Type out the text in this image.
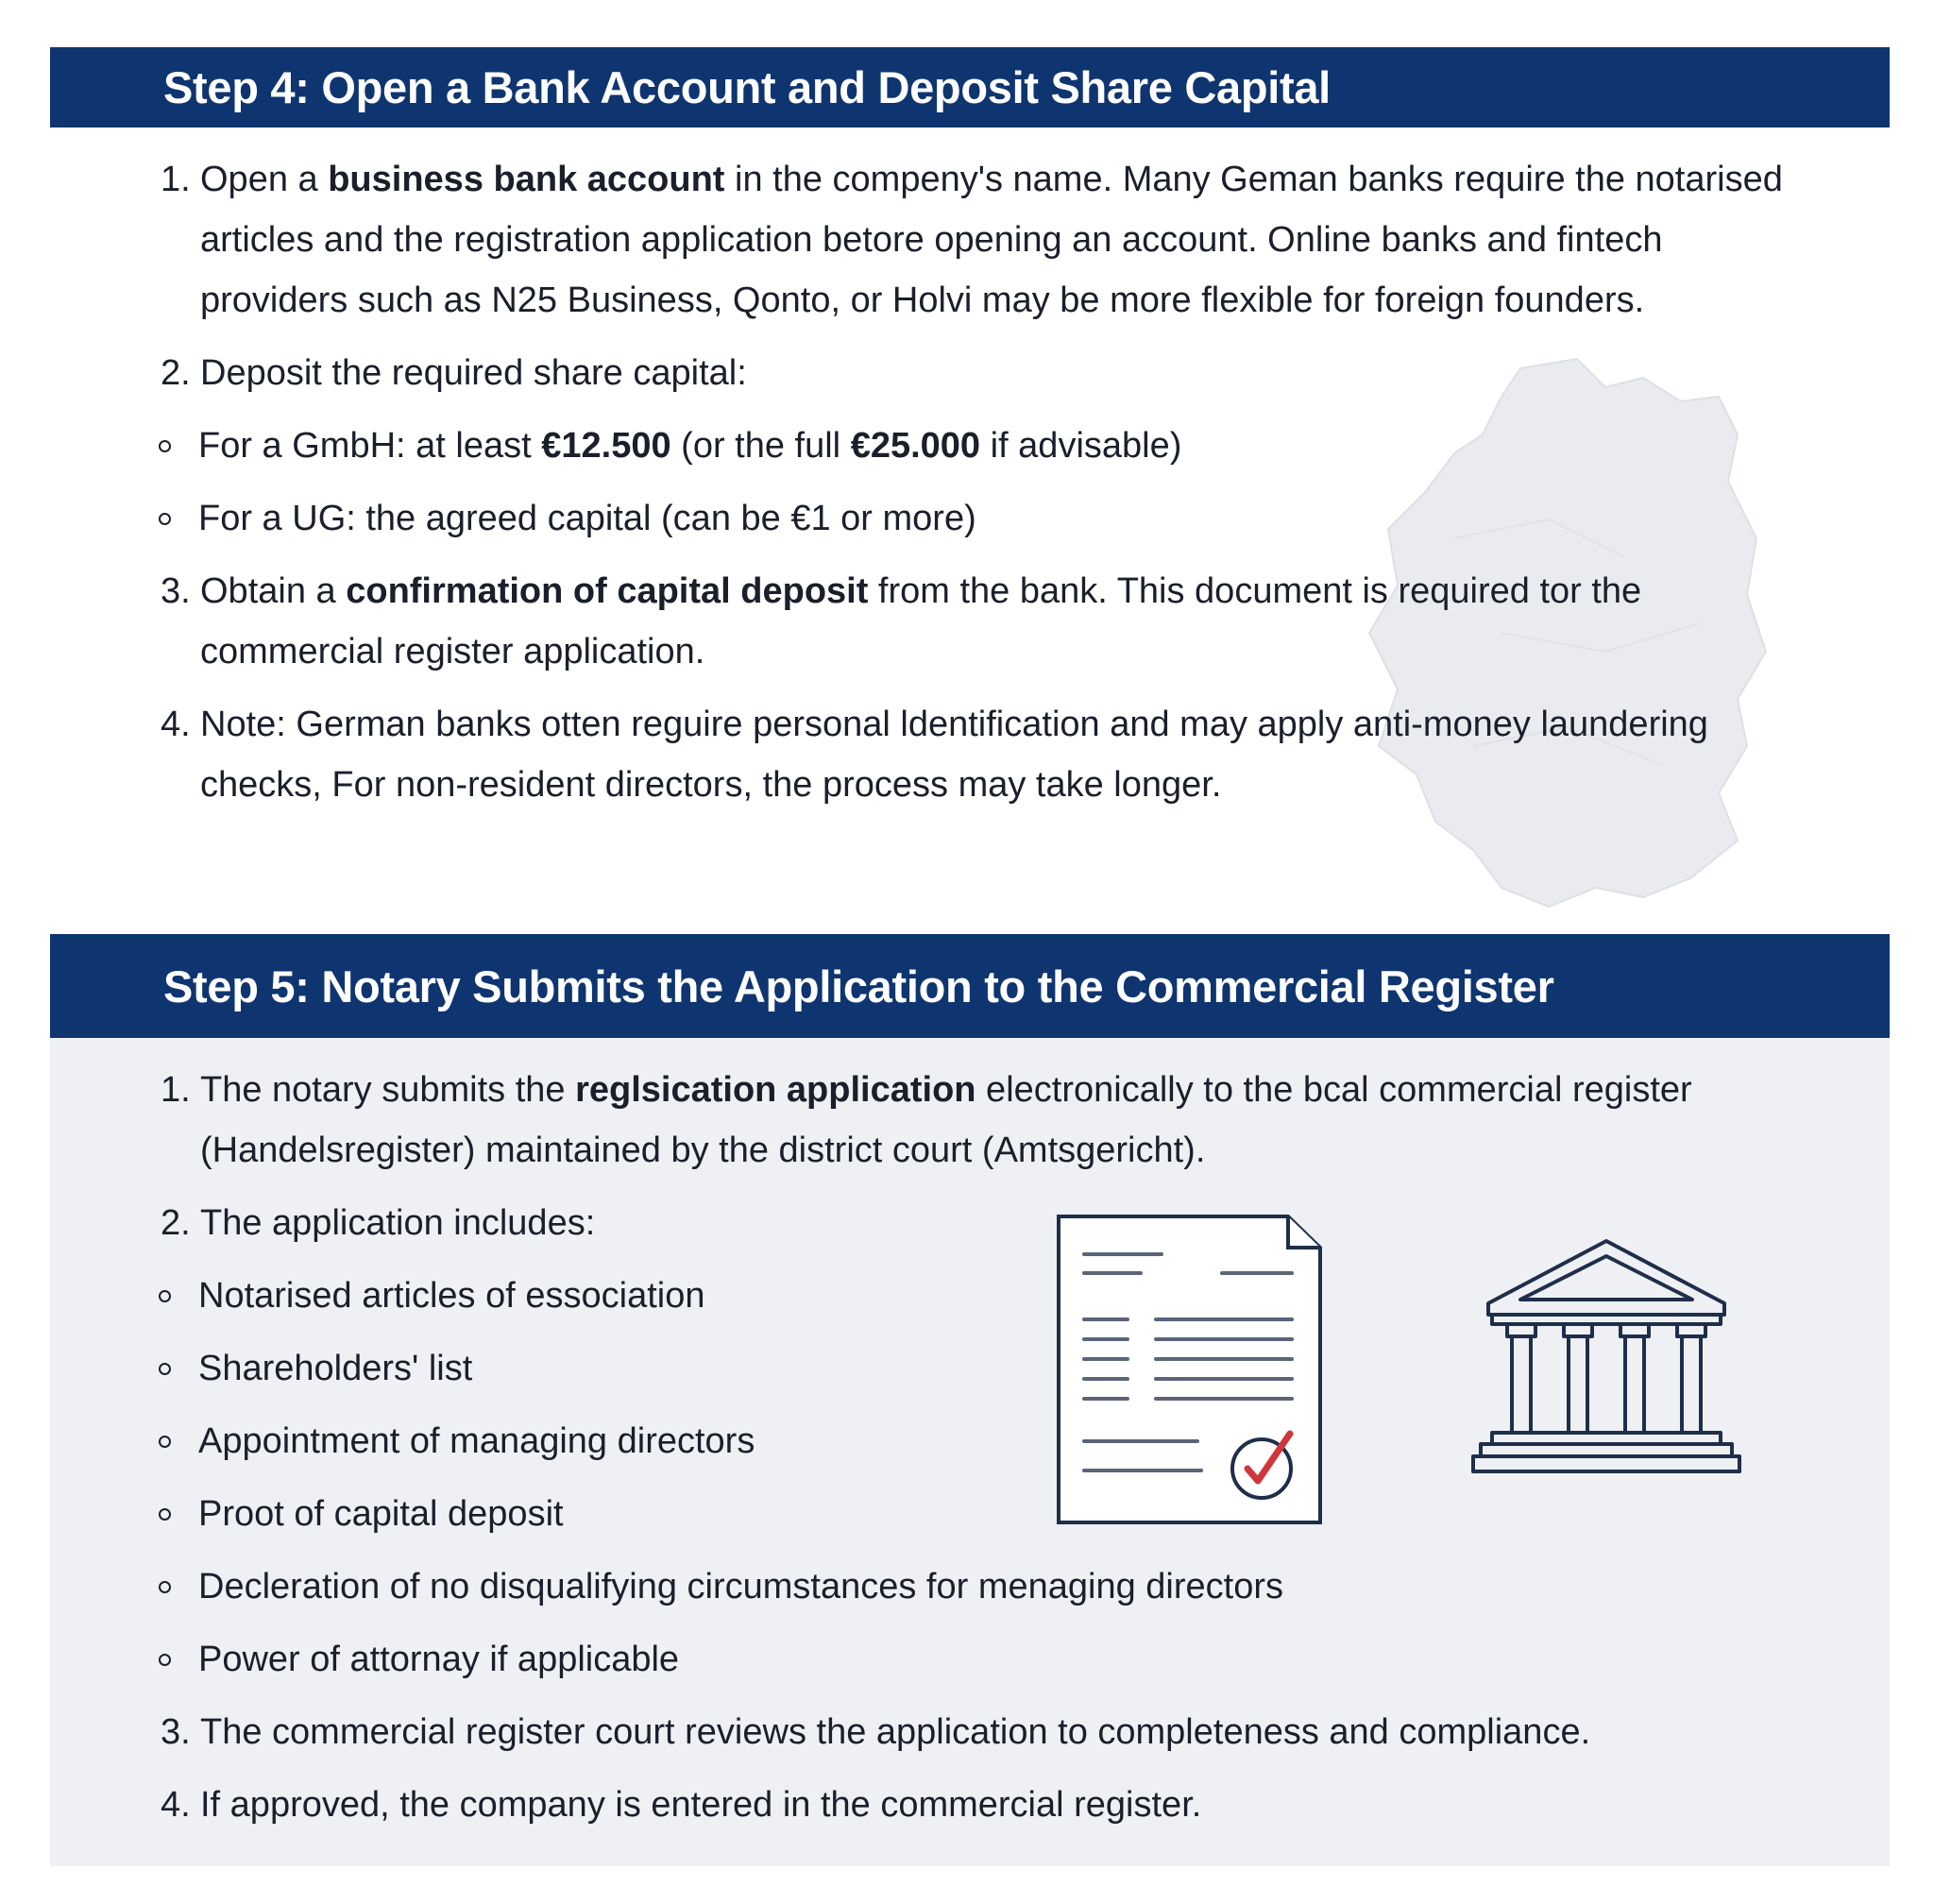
Step 4: Open a Bank Account and Deposit Share Capital
1. Open a business bank account in the compeny's name. Many Geman banks require the notarised articles and the registration application betore opening an account. Online banks and fintech providers such as N25 Business, Qonto, or Holvi may be more flexible for foreign founders.
2. Deposit the required share capital:
For a GmbH: at least €12.500 (or the full €25.000 if advisable)
For a UG: the agreed capital (can be €1 or more)
3. Obtain a confirmation of capital deposit from the bank. This document is required tor the commercial register application.
4. Note: German banks otten reguire personal ldentification and may apply anti-money laundering checks, For non-resident directors, the process may take longer.
Step 5: Notary Submits the Application to the Commercial Register
1. The notary submits the reglsication application electronically to the bcal commercial register (Handelsregister) maintained by the district court (Amtsgericht).
2. The application includes:
Notarised articles of essociation
Shareholders' list
Appointment of managing directors
Proot of capital deposit
Decleration of no disqualifying circumstances for menaging directors
Power of attornay if applicable
3. The commercial register court reviews the application to completeness and compliance.
4. If approved, the company is entered in the commercial register.
